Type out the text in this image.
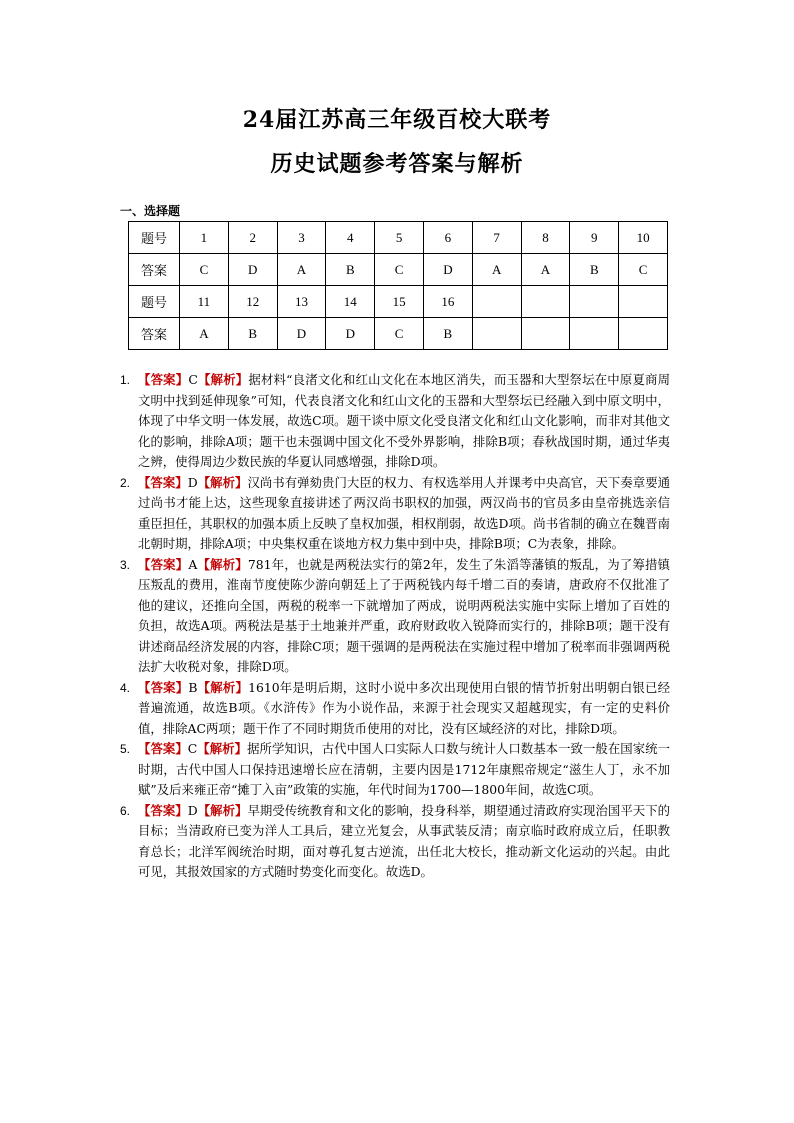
24届江苏高三年级百校大联考
历史试题参考答案与解析
一、选择题
题号	1	2	3	4	5	6	7	8	9	10
答案	C	D	A	B	C	D	A	A	B	C
题号	11	12	13	14	15	16				
答案	A	B	D	D	C	B				
1. 【答案】C【解析】据材料“良渚文化和红山文化在本地区消失，而玉器和大型祭坛在中原夏商周文明中找到延伸现象”可知，代表良渚文化和红山文化的玉器和大型祭坛已经融入到中原文明中，体现了中华文明一体发展，故选C项。题干谈中原文化受良渚文化和红山文化影响，而非对其他文化的影响，排除A项；题干也未强调中国文化不受外界影响，排除B项；春秋战国时期，通过华夷之辨，使得周边少数民族的华夏认同感增强，排除D项。
2. 【答案】D【解析】汉尚书有弹劾贵门大臣的权力、有权选举用人并课考中央高官，天下奏章要通过尚书才能上达，这些现象直接讲述了两汉尚书职权的加强，两汉尚书的官员多由皇帝挑选亲信重臣担任，其职权的加强本质上反映了皇权加强，相权削弱，故选D项。尚书省制的确立在魏晋南北朝时期，排除A项；中央集权重在谈地方权力集中到中央，排除B项；C为表象，排除。
3. 【答案】A【解析】781年，也就是两税法实行的第2年，发生了朱滔等藩镇的叛乱，为了筹措镇压叛乱的费用，淮南节度使陈少游向朝廷上了于两税钱内每千增二百的奏请，唐政府不仅批准了他的建议，还推向全国，两税的税率一下就增加了两成，说明两税法实施中实际上增加了百姓的负担，故选A项。两税法是基于土地兼并严重，政府财政收入锐降而实行的，排除B项；题干没有讲述商品经济发展的内容，排除C项；题干强调的是两税法在实施过程中增加了税率而非强调两税法扩大收税对象，排除D项。
4. 【答案】B【解析】1610年是明后期，这时小说中多次出现使用白银的情节折射出明朝白银已经普遍流通，故选B项。《水浒传》作为小说作品，来源于社会现实又超越现实，有一定的史料价值，排除AC两项；题干作了不同时期货币使用的对比，没有区域经济的对比，排除D项。
5. 【答案】C【解析】据所学知识，古代中国人口实际人口数与统计人口数基本一致一般在国家统一时期，古代中国人口保持迅速增长应在清朝，主要内因是1712年康熙帝规定“滋生人丁，永不加赋”及后来雍正帝“摊丁入亩”政策的实施，年代时间为1700—1800年间，故选C项。
6. 【答案】D【解析】早期受传统教育和文化的影响，投身科举，期望通过清政府实现治国平天下的目标；当清政府已变为洋人工具后，建立光复会，从事武装反清；南京临时政府成立后，任职教育总长；北洋军阀统治时期，面对尊孔复古逆流，出任北大校长，推动新文化运动的兴起。由此可见，其报效国家的方式随时势变化而变化。故选D。
